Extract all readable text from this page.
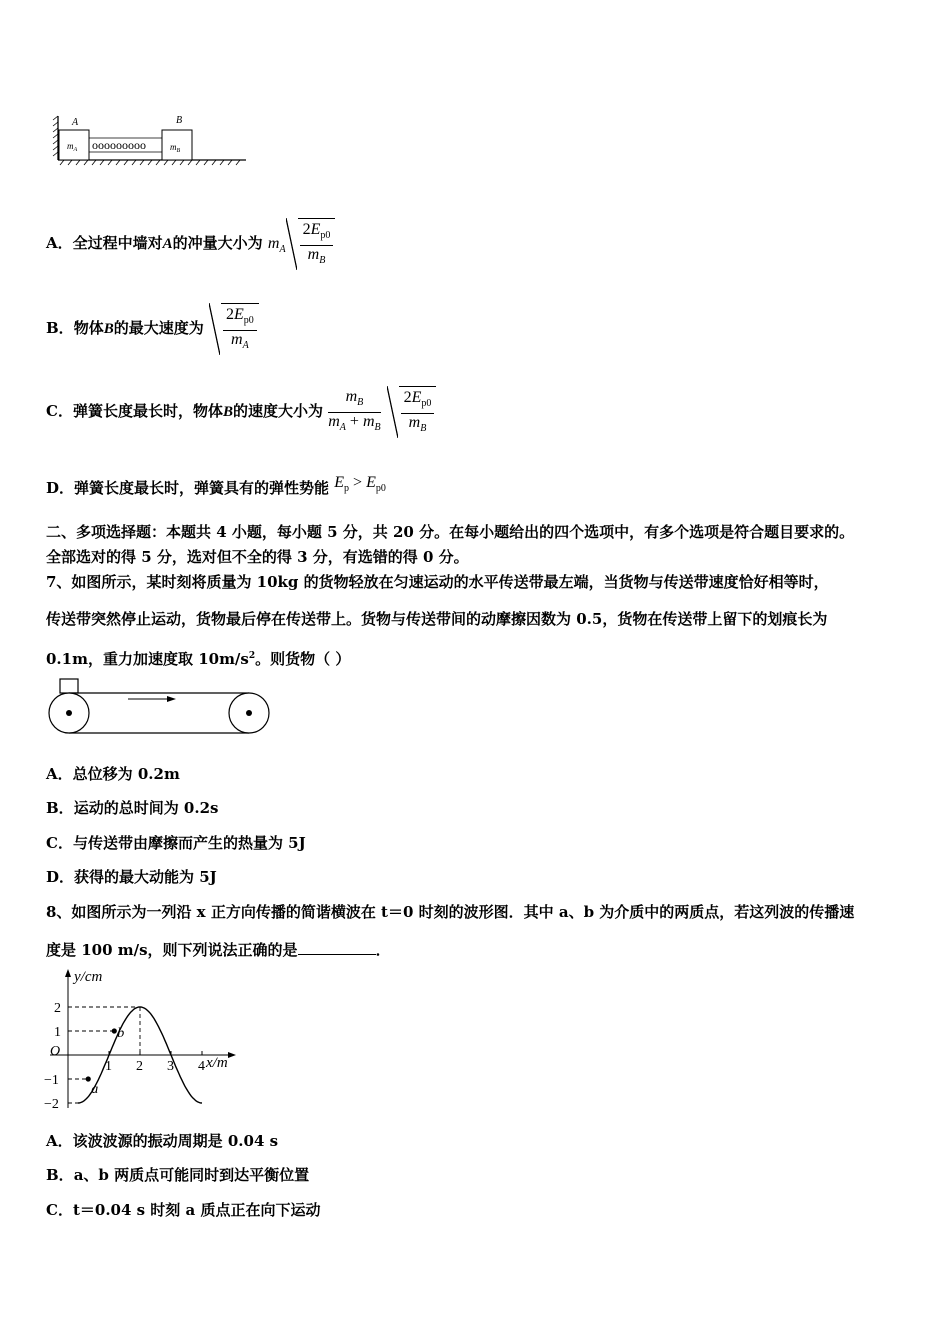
ooooooooo
A	B
$m_A$	$m_B$
A．全过程中墙对A的冲量大小为 $m_A \frac{2E_{p0}}{m_B}$
B．物体B的最大速度为 $\frac{2E_{p0}}{m_A}$
C．弹簧长度最长时，物体B的速度大小为 $\frac{m_B}{m_A + m_B} \frac{2E_{p0}}{m_B}$
D．弹簧长度最长时，弹簧具有的弹性势能 $E_p > E_{p0}$
二、多项选择题：本题共 4 小题，每小题 5 分，共 20 分。在每小题给出的四个选项中，有多个选项是符合题目要求的。
全部选对的得 5 分，选对但不全的得 3 分，有选错的得 0 分。
7、如图所示，某时刻将质量为 10kg 的货物轻放在匀速运动的水平传送带最左端，当货物与传送带速度恰好相等时，
传送带突然停止运动，货物最后停在传送带上。货物与传送带间的动摩擦因数为 0.5，货物在传送带上留下的划痕长为
0.1m，重力加速度取 $10m/s^2$。则货物（ ）
A．总位移为 0.2m
B．运动的总时间为 0.2s
C．与传送带由摩擦而产生的热量为 5J
D．获得的最大动能为 5J
8、如图所示为一列沿 x 正方向传播的简谐横波在 t＝0 时刻的波形图．其中 a、b 为介质中的两质点，若这列波的传播速
度是 100 m/s，则下列说法正确的是	．
1 2 3 4
2
1
−1
−2
a
b
y/cm
x/m
O
A．该波波源的振动周期是 0.04 s
B．a、b 两质点可能同时到达平衡位置
C．t＝0.04 s 时刻 a 质点正在向下运动
